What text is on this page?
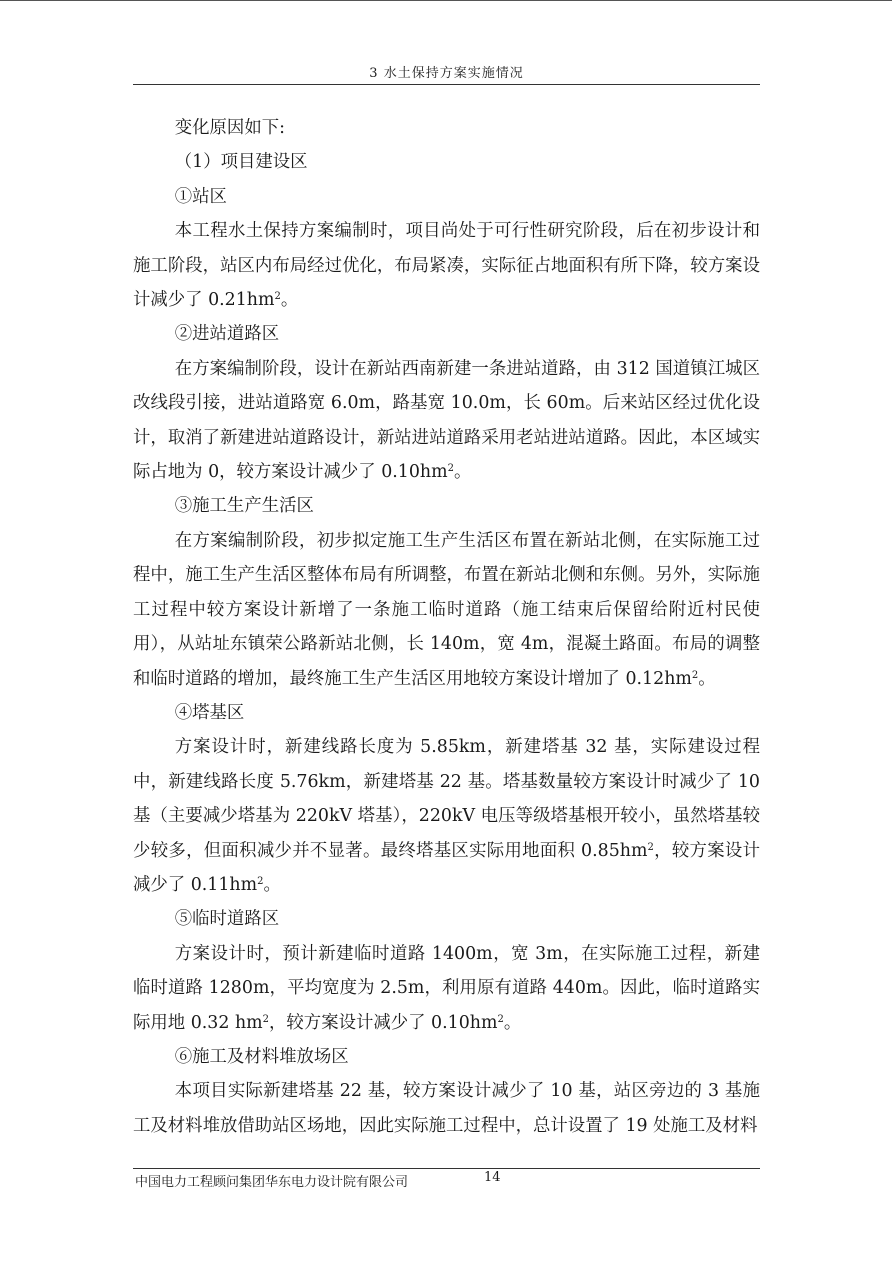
3 水土保持方案实施情况

变化原因如下:

（1）项目建设区

①站区

本工程水土保持方案编制时，项目尚处于可行性研究阶段，后在初步设计和施工阶段，站区内布局经过优化，布局紧凑，实际征占地面积有所下降，较方案设计减少了 $0.21hm^2$。

②进站道路区

在方案编制阶段，设计在新站西南新建一条进站道路，由 312 国道镇江城区改线段引接，进站道路宽 6.0m，路基宽 10.0m，长 60m。后来站区经过优化设计，取消了新建进站道路设计，新站进站道路采用老站进站道路。因此，本区域实际占地为 0，较方案设计减少了 $0.10hm^2$。

③施工生产生活区

在方案编制阶段，初步拟定施工生产生活区布置在新站北侧，在实际施工过程中，施工生产生活区整体布局有所调整，布置在新站北侧和东侧。另外，实际施工过程中较方案设计新增了一条施工临时道路（施工结束后保留给附近村民使用），从站址东镇荣公路新站北侧，长 140m，宽 4m，混凝土路面。布局的调整和临时道路的增加，最终施工生产生活区用地较方案设计增加了 $0.12hm^2$。

④塔基区

方案设计时，新建线路长度为 5.85km，新建塔基 32 基，实际建设过程中，新建线路长度 5.76km，新建塔基 22 基。塔基数量较方案设计时减少了 10 基（主要减少塔基为 220kV 塔基），220kV 电压等级塔基根开较小，虽然塔基较少较多，但面积减少并不显著。最终塔基区实际用地面积 $0.85hm^2$，较方案设计减少了 $0.11hm^2$。

⑤临时道路区

方案设计时，预计新建临时道路 1400m，宽 3m，在实际施工过程，新建临时道路 1280m，平均宽度为 2.5m，利用原有道路 440m。因此，临时道路实际用地 0.32 $hm^2$，较方案设计减少了 $0.10hm^2$。

⑥施工及材料堆放场区

本项目实际新建塔基 22 基，较方案设计减少了 10 基，站区旁边的 3 基施工及材料堆放借助站区场地，因此实际施工过程中，总计设置了 19 处施工及材料

中国电力工程顾问集团华东电力设计院有限公司	14
